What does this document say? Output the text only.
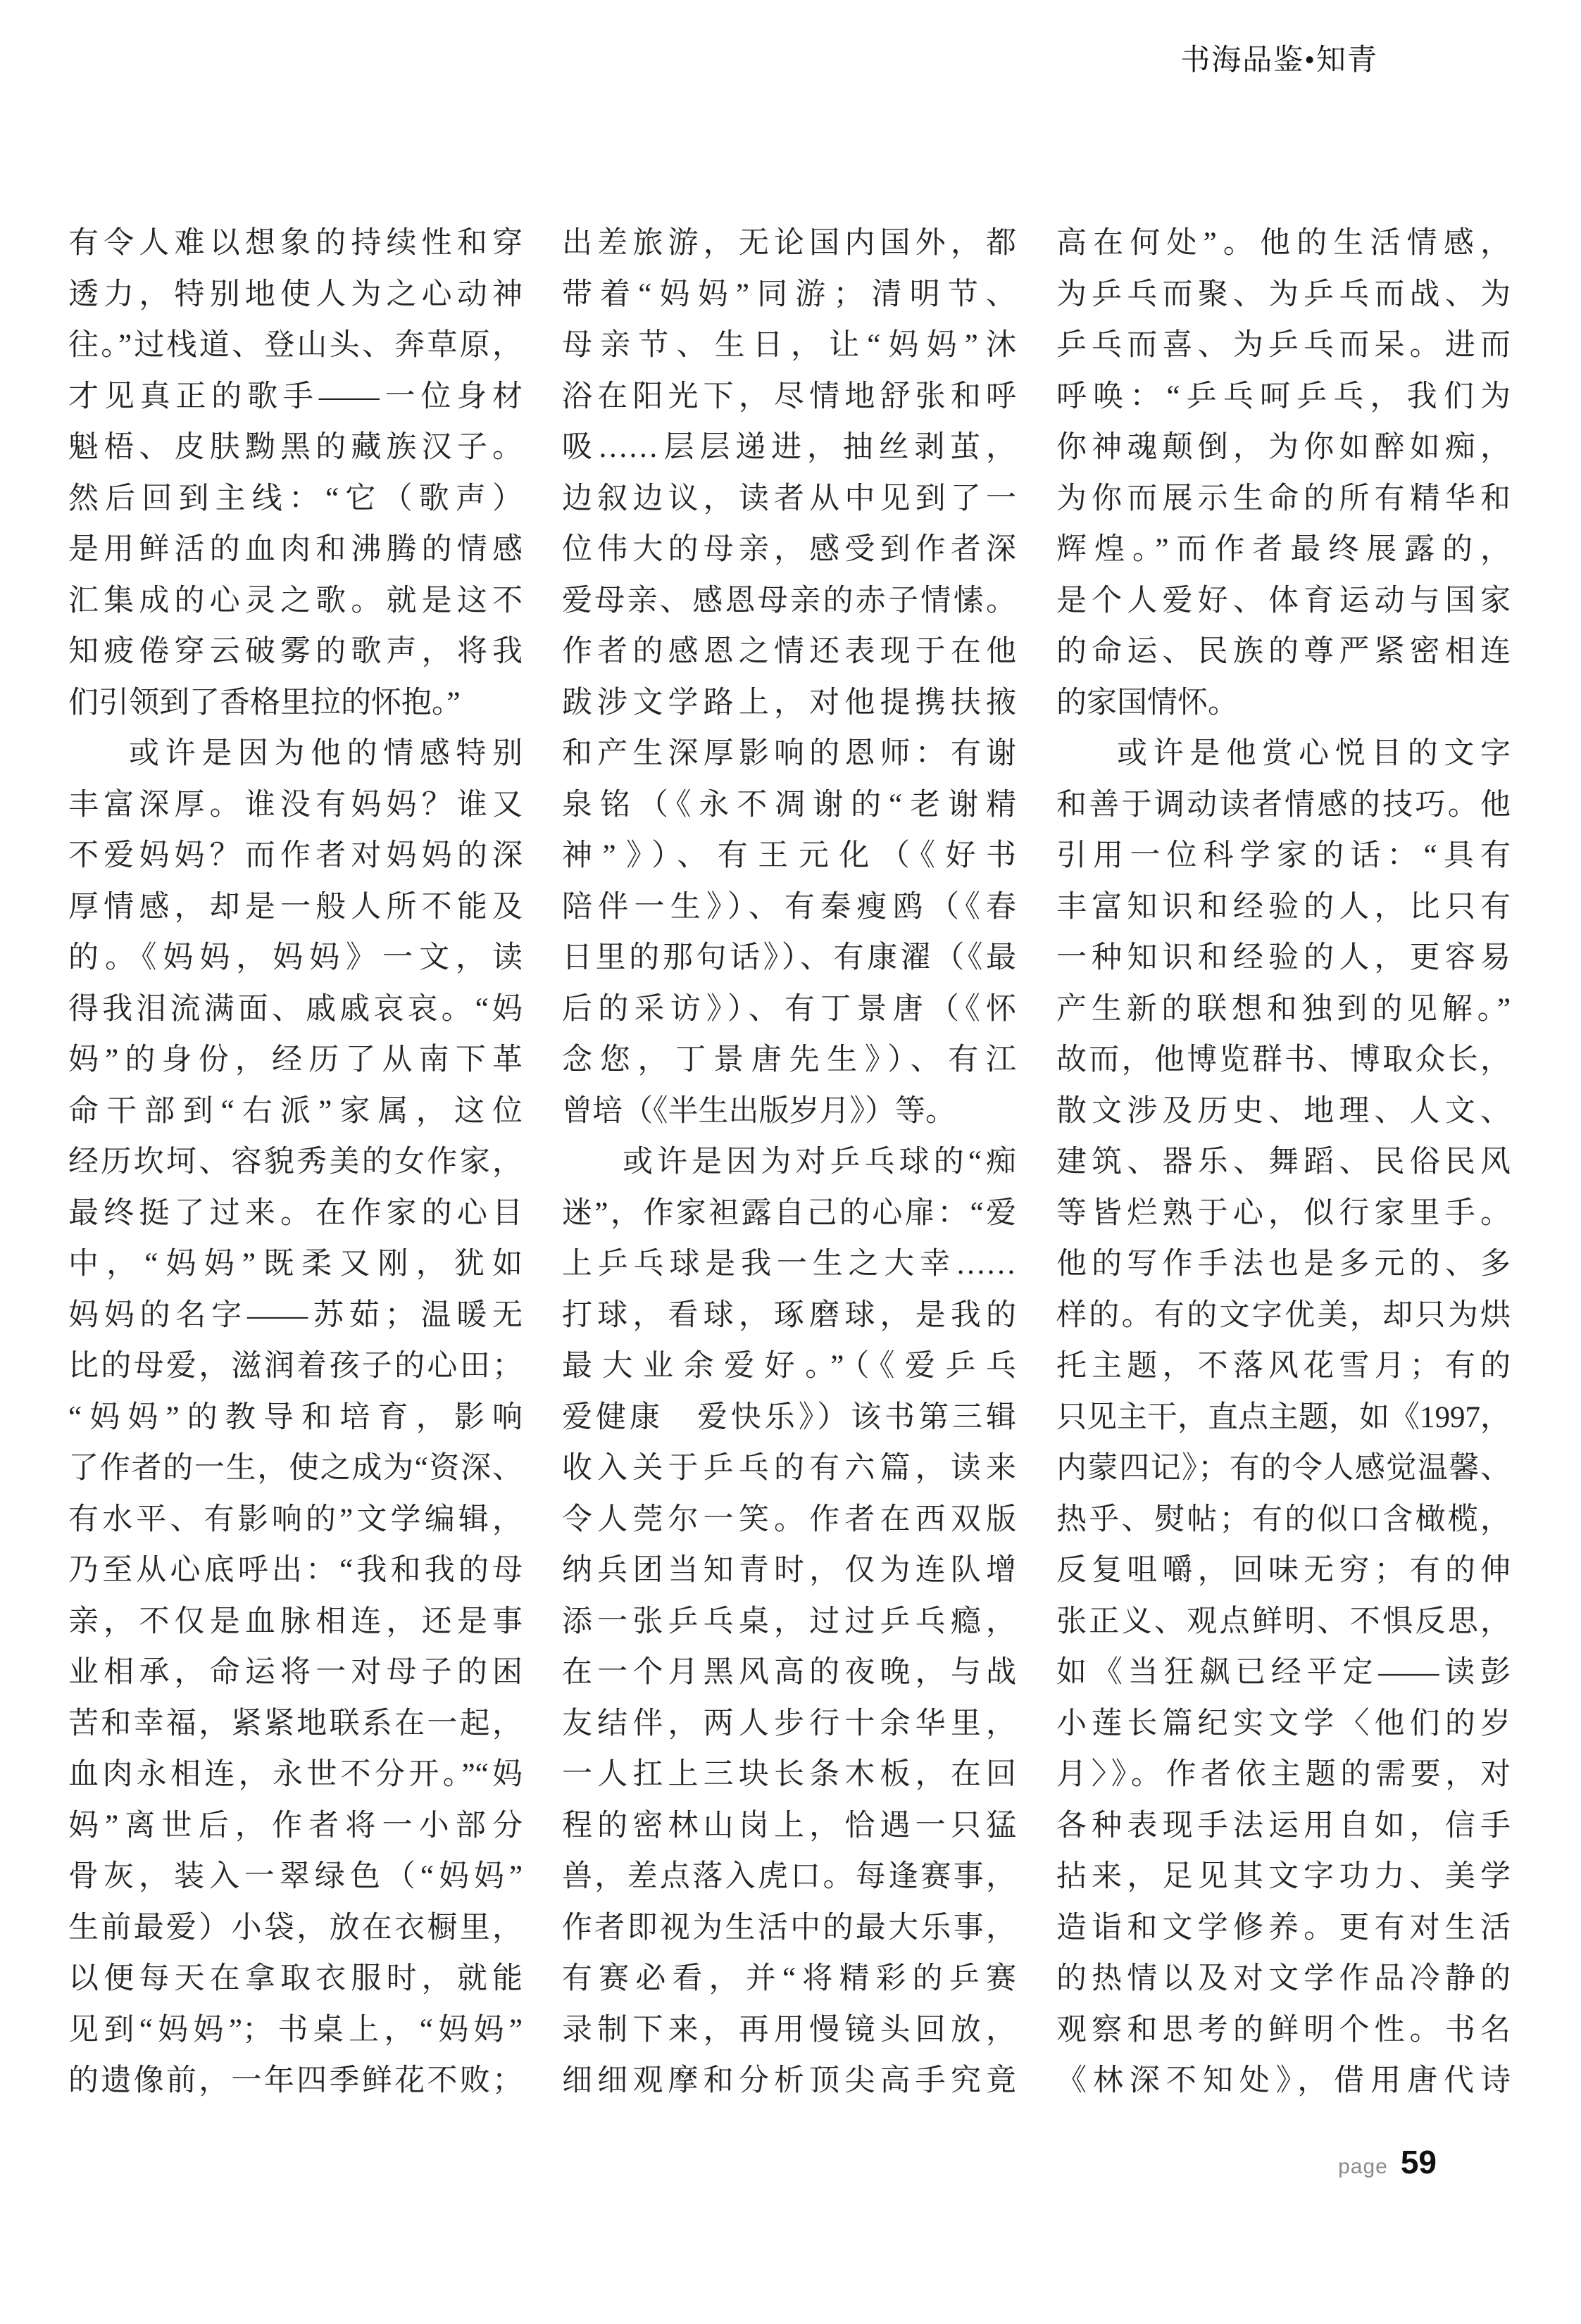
书海品鉴•知青
有令人难以想象的持续性和穿
透力，特别地使人为之心动神
往。”过栈道、登山头、奔草原，
才见真正的歌手——一位身材
魁梧、皮肤黝黑的藏族汉子。
然后回到主线：“它（歌声）
是用鲜活的血肉和沸腾的情感
汇集成的心灵之歌。就是这不
知疲倦穿云破雾的歌声，将我
们引领到了香格里拉的怀抱。”
或许是因为他的情感特别
丰富深厚。谁没有妈妈？谁又
不爱妈妈？而作者对妈妈的深
厚情感，却是一般人所不能及
的。《妈妈，妈妈》一文，读
得我泪流满面、戚戚哀哀。“妈
妈”的身份，经历了从南下革
命干部到“右派”家属，这位
经历坎坷、容貌秀美的女作家，
最终挺了过来。在作家的心目
中，“妈妈”既柔又刚，犹如
妈妈的名字——苏茹；温暖无
比的母爱，滋润着孩子的心田；
“妈妈”的教导和培育，影响
了作者的一生，使之成为“资深、
有水平、有影响的”文学编辑，
乃至从心底呼出：“我和我的母
亲，不仅是血脉相连，还是事
业相承，命运将一对母子的困
苦和幸福，紧紧地联系在一起，
血肉永相连，永世不分开。”“妈
妈”离世后，作者将一小部分
骨灰，装入一翠绿色（“妈妈”
生前最爱）小袋，放在衣橱里，
以便每天在拿取衣服时，就能
见到“妈妈”；书桌上，“妈妈”
的遗像前，一年四季鲜花不败；
出差旅游，无论国内国外，都
带着“妈妈”同游；清明节、
母亲节、生日，让“妈妈”沐
浴在阳光下，尽情地舒张和呼
吸……层层递进，抽丝剥茧，
边叙边议，读者从中见到了一
位伟大的母亲，感受到作者深
爱母亲、感恩母亲的赤子情愫。
作者的感恩之情还表现于在他
跋涉文学路上，对他提携扶掖
和产生深厚影响的恩师：有谢
泉铭（《永不凋谢的“老谢精
神”》）、有王元化（《好书
陪伴一生》）、有秦瘦鸥（《春
日里的那句话》）、有康濯（《最
后的采访》）、有丁景唐（《怀
念您，丁景唐先生》）、有江
曾培（《半生出版岁月》）等。
或许是因为对乒乓球的“痴
迷”，作家袒露自己的心扉：“爱
上乒乓球是我一生之大幸……
打球，看球，琢磨球，是我的
最大业余爱好。”（《爱乒乓
爱健康　爱快乐》）该书第三辑
收入关于乒乓的有六篇，读来
令人莞尔一笑。作者在西双版
纳兵团当知青时，仅为连队增
添一张乒乓桌，过过乒乓瘾，
在一个月黑风高的夜晚，与战
友结伴，两人步行十余华里，
一人扛上三块长条木板，在回
程的密林山岗上，恰遇一只猛
兽，差点落入虎口。每逢赛事，
作者即视为生活中的最大乐事，
有赛必看，并“将精彩的乒赛
录制下来，再用慢镜头回放，
细细观摩和分析顶尖高手究竟
高在何处”。他的生活情感，
为乒乓而聚、为乒乓而战、为
乒乓而喜、为乒乓而呆。进而
呼唤：“乒乓呵乒乓，我们为
你神魂颠倒，为你如醉如痴，
为你而展示生命的所有精华和
辉煌。”而作者最终展露的，
是个人爱好、体育运动与国家
的命运、民族的尊严紧密相连
的家国情怀。
或许是他赏心悦目的文字
和善于调动读者情感的技巧。他
引用一位科学家的话：“具有
丰富知识和经验的人，比只有
一种知识和经验的人，更容易
产生新的联想和独到的见解。”
故而，他博览群书、博取众长，
散文涉及历史、地理、人文、
建筑、器乐、舞蹈、民俗民风
等皆烂熟于心，似行家里手。
他的写作手法也是多元的、多
样的。有的文字优美，却只为烘
托主题，不落风花雪月；有的
只见主干，直点主题，如《1997，
内蒙四记》；有的令人感觉温馨、
热乎、熨帖；有的似口含橄榄，
反复咀嚼，回味无穷；有的伸
张正义、观点鲜明、不惧反思，
如《当狂飙已经平定——读彭
小莲长篇纪实文学〈他们的岁
月〉》。作者依主题的需要，对
各种表现手法运用自如，信手
拈来，足见其文字功力、美学
造诣和文学修养。更有对生活
的热情以及对文学作品冷静的
观察和思考的鲜明个性。书名
《林深不知处》，借用唐代诗
page 59
